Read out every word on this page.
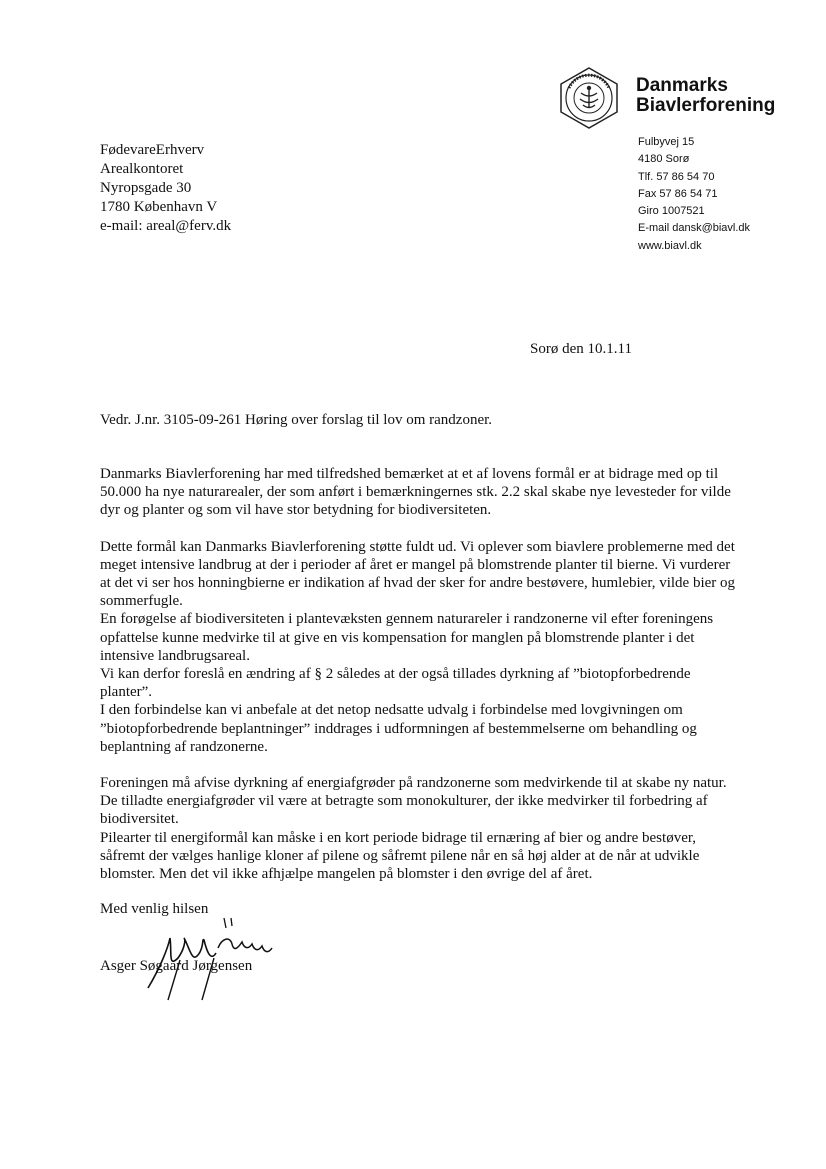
Danmarks
Biavlerforening
Fulbyvej 15
4180 Sorø
Tlf. 57 86 54 70
Fax 57 86 54 71
Giro 1007521
E-mail dansk@biavl.dk
www.biavl.dk
FødevareErhverv
Arealkontoret
Nyropsgade 30
1780 København V
e-mail: areal@ferv.dk
Sorø den 10.1.11
Vedr. J.nr. 3105-09-261 Høring over forslag til lov om randzoner.

Danmarks Biavlerforening har med tilfredshed bemærket at et af lovens formål er at bidrage med op til 50.000 ha nye naturarealer, der som anført i bemærkningernes stk. 2.2 skal skabe nye levesteder for vilde dyr og planter og som vil have stor betydning for biodiversiteten.

Dette formål kan Danmarks Biavlerforening støtte fuldt ud. Vi oplever som biavlere problemerne med det meget intensive landbrug at der i perioder af året er mangel på blomstrende planter til bierne. Vi vurderer at det vi ser hos honningbierne er indikation af hvad der sker for andre bestøvere, humlebier, vilde bier og sommerfugle.

En forøgelse af biodiversiteten i plantevæksten gennem naturareler i randzonerne vil efter foreningens opfattelse kunne medvirke til at give en vis kompensation for manglen på blomstrende planter i det intensive landbrugsareal.

Vi kan derfor foreslå en ændring af § 2 således at der også tillades dyrkning af ”biotopforbedrende planter”.

I den forbindelse kan vi anbefale at det netop nedsatte udvalg i forbindelse med lovgivningen om ”biotopforbedrende beplantninger” inddrages i udformningen af bestemmelserne om behandling og beplantning af randzonerne.

Foreningen må afvise dyrkning af energiafgrøder på randzonerne som medvirkende til at skabe ny natur. De tilladte energiafgrøder vil være at betragte som monokulturer, der ikke medvirker til forbedring af biodiversitet.

Pilearter til energiformål kan måske i en kort periode bidrage til ernæring af bier og andre bestøver, såfremt der vælges hanlige kloner af pilene og såfremt pilene når en så høj alder at de når at udvikle blomster. Men det vil ikke afhjælpe mangelen på blomster i den øvrige del af året.

Med venlig hilsen
Asger Søgaard Jørgensen
